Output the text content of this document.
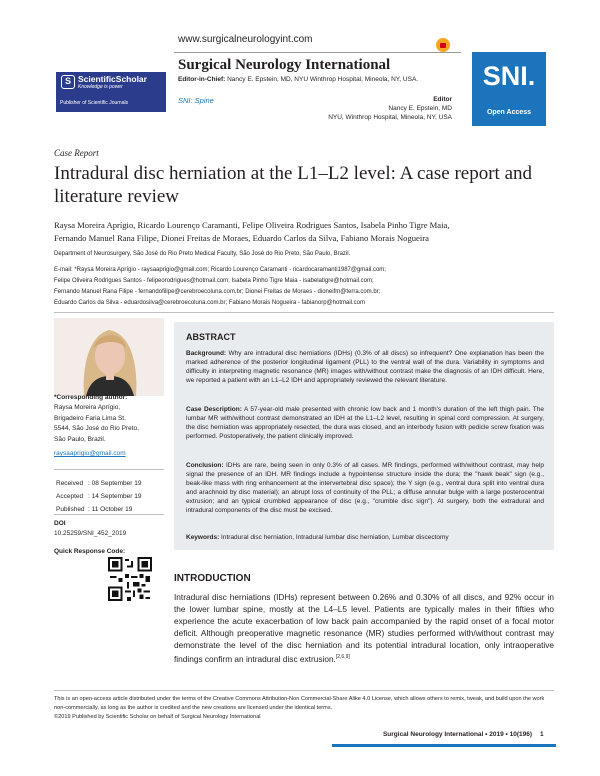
S ScientificScholar
Knowledge is power
Publisher of Scientific Journals
www.surgicalneurologyint.com
Surgical Neurology International
Editor-in-Chief: Nancy E. Epstein, MD, NYU Winthrop Hospital, Mineola, NY, USA.
SNI: Spine	Editor
Nancy E. Epstein, MD
NYU, Winthrop Hospital, Mineola, NY, USA
SNI.
Open Access
Case Report
Intradural disc herniation at the L1–L2 level: A case report and literature review
Raysa Moreira Aprígio, Ricardo Lourenço Caramanti, Felipe Oliveira Rodrigues Santos, Isabela Pinho Tigre Maia,
Fernando Manuel Rana Filipe, Dionei Freitas de Moraes, Eduardo Carlos da Silva, Fabiano Morais Nogueira
Department of Neurosurgery, São José do Rio Preto Medical Faculty, São José do Rio Preto, São Paulo, Brazil.
E-mail: *Raysa Moreira Aprígio - raysaaprigio@gmail.com; Ricardo Lourenço Caramanti - ricardocaramanti1987@gmail.com;
Felipe Oliveira Rodrigues Santos - felipeorodrigues@hotmail.com; Isabela Pinho Tigre Maia - isabelatigre@hotmail.com;
Fernando Manuel Rana Filipe - fernandofilipe@cerebroecoluna.com.br; Dionei Freitas de Moraes - dioneifm@terra.com.br;
Eduardo Carlos da Silva - eduardosilva@cerebroecoluna.com.br; Fabiano Morais Nogueira - fabianorp@hotmail.com
*Corresponding author:
Raysa Moreira Aprígio,
Brigadeiro Faria Lima St.
5544, São José do Rio Preto,
São Paulo, Brazil.
raysaaprigio@gmail.com
Received	: 08 September 19
Accepted	: 14 September 19
Published	: 11 October 19
DOI
10.25259/SNI_452_2019
Quick Response Code:
ABSTRACT
Background: Why are intradural disc herniations (IDHs) (0.3% of all discs) so infrequent? One explanation has been the marked adherence of the posterior longitudinal ligament (PLL) to the ventral wall of the dura. Variability in symptoms and difficulty in interpreting magnetic resonance (MR) images with/without contrast make the diagnosis of an IDH difficult. Here, we reported a patient with an L1–L2 IDH and appropriately reviewed the relevant literature.
Case Description: A 57-year-old male presented with chronic low back and 1 month's duration of the left thigh pain. The lumbar MR with/without contrast demonstrated an IDH at the L1–L2 level, resulting in spinal cord compression. At surgery, the disc herniation was appropriately resected, the dura was closed, and an interbody fusion with pedicle screw fixation was performed. Postoperatively, the patient clinically improved.
Conclusion: IDHs are rare, being seen in only 0.3% of all cases. MR findings, performed with/without contrast, may help signal the presence of an IDH. MR findings include a hypointense structure inside the dura; the "hawk beak" sign (e.g., beak-like mass with ring enhancement at the intervertebral disc space); the Y sign (e.g., ventral dura split into ventral dura and arachnoid by disc material); an abrupt loss of continuity of the PLL; a diffuse annular bulge with a large posterocentral extrusion; and an typical crumbled appearance of disc (e.g., "crumble disc sign"). At surgery, both the extradural and intradural components of the disc must be excised.
Keywords: Intradural disc herniation, Intradural lumbar disc herniation, Lumbar discectomy
INTRODUCTION
Intradural disc herniations (IDHs) represent between 0.26% and 0.30% of all discs, and 92% occur in the lower lumbar spine, mostly at the L4–L5 level. Patients are typically males in their fifties who experience the acute exacerbation of low back pain accompanied by the rapid onset of a focal motor deficit. Although preoperative magnetic resonance (MR) studies performed with/without contrast may demonstrate the level of the disc herniation and its potential intradural location, only intraoperative findings confirm an intradural disc extrusion.[2,6,9]
This is an open-access article distributed under the terms of the Creative Commons Attribution-Non Commercial-Share Alike 4.0 License, which allows others to remix, tweak, and build upon the work non-commercially, as long as the author is credited and the new creations are licensed under the identical terms.
©2019 Published by Scientific Scholar on behalf of Surgical Neurology International
Surgical Neurology International • 2019 • 10(196) 1
